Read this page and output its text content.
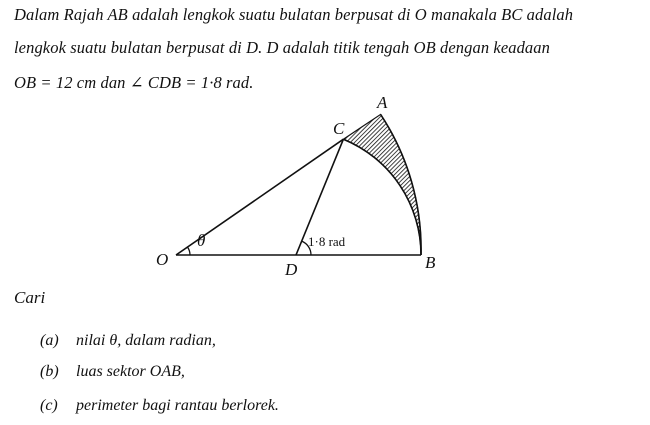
Dalam Rajah AB adalah lengkok suatu bulatan berpusat di O manakala BC adalah
lengkok suatu bulatan berpusat di D. D adalah titik tengah OB dengan keadaan
OB = 12 cm dan ∠ CDB = 1·8 rad.
O
A
B
C
D
θ	1·8 rad
Cari
(a) nilai θ, dalam radian,
(b) luas sektor OAB,
(c) perimeter bagi rantau berlorek.
